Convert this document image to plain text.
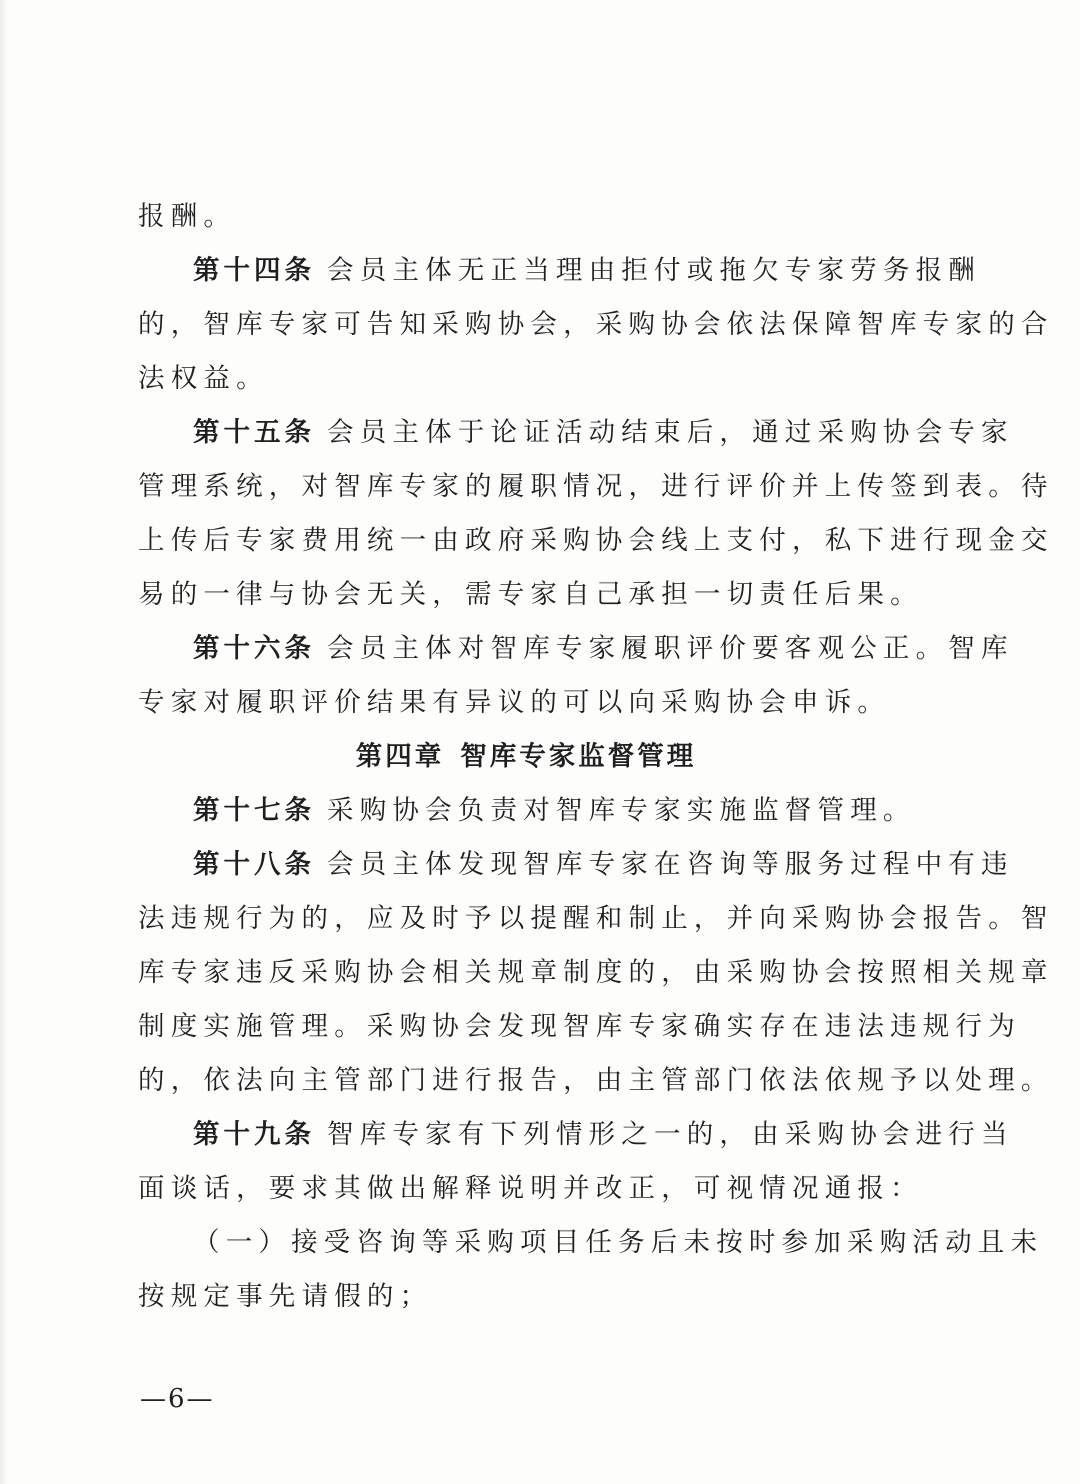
报酬。
第十四条 会员主体无正当理由拒付或拖欠专家劳务报酬
的，智库专家可告知采购协会，采购协会依法保障智库专家的合
法权益。
第十五条 会员主体于论证活动结束后，通过采购协会专家
管理系统，对智库专家的履职情况，进行评价并上传签到表。待
上传后专家费用统一由政府采购协会线上支付，私下进行现金交
易的一律与协会无关，需专家自己承担一切责任后果。
第十六条 会员主体对智库专家履职评价要客观公正。智库
专家对履职评价结果有异议的可以向采购协会申诉。
第四章 智库专家监督管理
第十七条 采购协会负责对智库专家实施监督管理。
第十八条 会员主体发现智库专家在咨询等服务过程中有违
法违规行为的，应及时予以提醒和制止，并向采购协会报告。智
库专家违反采购协会相关规章制度的，由采购协会按照相关规章
制度实施管理。采购协会发现智库专家确实存在违法违规行为
的，依法向主管部门进行报告，由主管部门依法依规予以处理。
第十九条 智库专家有下列情形之一的，由采购协会进行当
面谈话，要求其做出解释说明并改正，可视情况通报：
（一）接受咨询等采购项目任务后未按时参加采购活动且未
按规定事先请假的；
—6—
